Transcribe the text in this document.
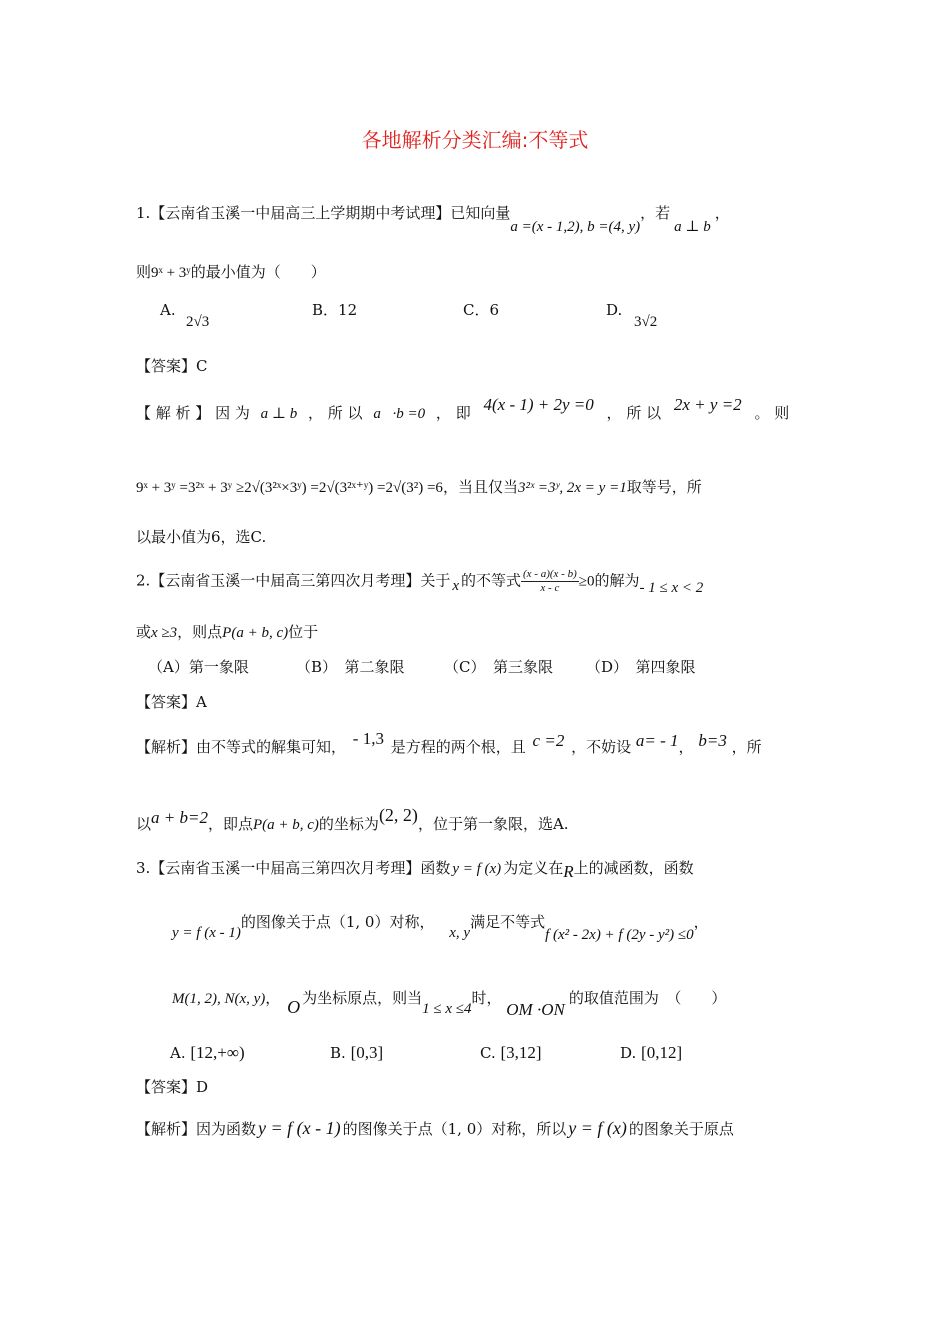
各地解析分类汇编:不等式
1.【云南省玉溪一中届高三上学期期中考试理】已知向量a =(x - 1,2), b =(4, y)，若a ⊥ b，
则9ˣ + 3ʸ的最小值为（　　）
A.
2√3
B．12	C．6	D.
3√2
【答案】C
【 解 析 】 因 为 a ⊥ b ， 所 以 a⃗·b =0 ， 即 4(x - 1) + 2y =0 ， 所 以 2x + y =2 。 则
9ˣ + 3ʸ =3²ˣ + 3ʸ ≥2√(3²ˣ×3ʸ) =2√(3²ˣ⁺ʸ) =2√(3²) =6，当且仅当3²ˣ =3ʸ, 2x = y =1取等号，所
以最小值为6，选C.
2.【云南省玉溪一中届高三第四次月考理】关于 x 的不等式 $\frac{(x - a)(x - b)}{x - c} \ge 0$的解为- 1 ≤ x < 2
或x ≥3，则点P(a + b, c)位于
（A）第一象限	（B）　第二象限	（C）　第三象限 （D）　第四象限
【答案】A
【解析】由不等式的解集可知， - 1,3 是方程的两个根，且 c =2 ，不妨设 a= - 1， b=3 ，所
以a + b=2，即点P(a + b, c)的坐标为(2, 2)，位于第一象限，选A.
3.【云南省玉溪一中届高三第四次月考理】函数 y = f (x) 为定义在R上的减函数，函数
y = f (x - 1)的图像关于点（1, 0）对称， x, y满足不等式f (x² - 2x) + f (2y - y²) ≤0，
M(1, 2), N(x, y)， O 为坐标原点，则当1 ≤ x ≤4时， OM ·ON的取值范围为　（　　）
A. [12,+∞)	B. [0,3]	C. [3,12]	D. [0,12]
【答案】D
【解析】因为函数 y = f (x - 1) 的图像关于点（1, 0）对称，所以 y = f (x) 的图象关于原点
